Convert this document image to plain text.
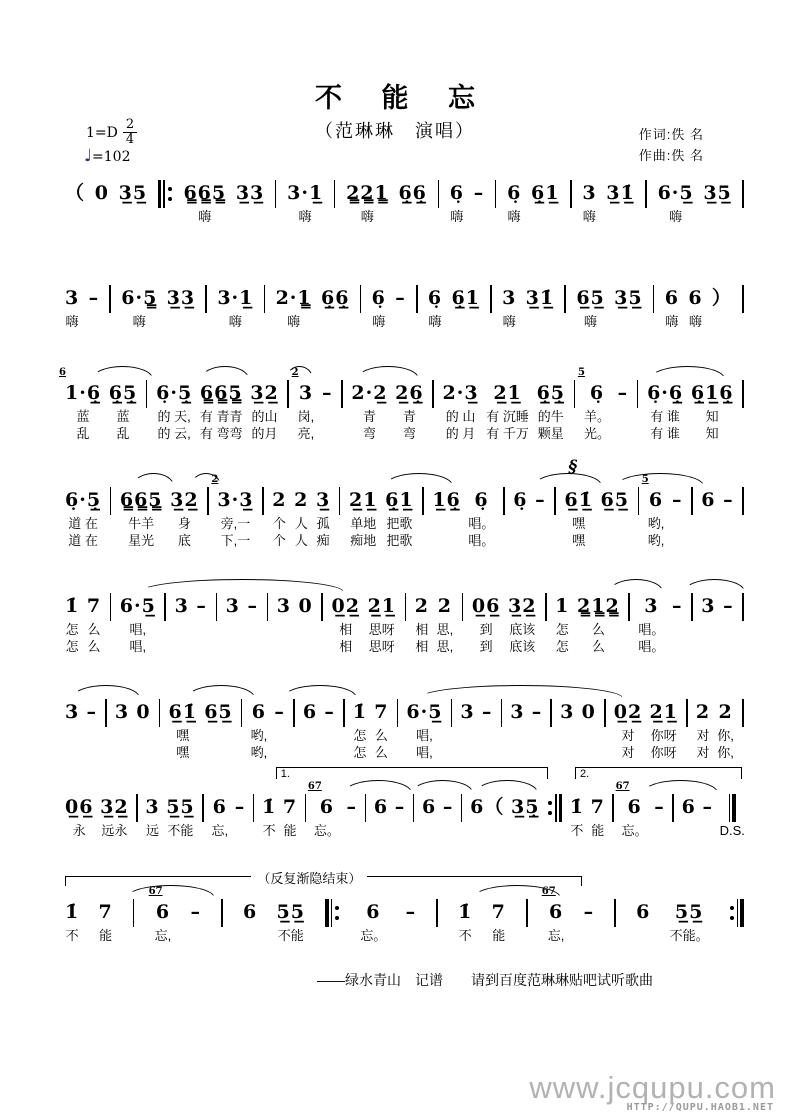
不 能 忘
（范琳琳　演唱）	作词:佚 名
作曲:佚 名
$1=D \frac{2}{4}$
♩=102
（
0
3̲5̲
6̳6̳5̳
嗨
3̲3̲
3·1̲
嗨
2̳2̳1̳
嗨
6̲̣6̲̣
6̣
嗨
–
6̣
嗨
6̲̣1̲
3
嗨
3̲1̲̇
6·5̲
嗨
3̲5̲

3
嗨
–
6·5̳
嗨
3̲3̲
3·1̲
嗨
2·1̳
嗨
6̲̣6̲̣
6̣
嗨
–
6̣
嗨
6̲̣1̲
3
嗨
3̲1̲̇
6̲5̲
嗨
3̲5̲
6
嗨
6
嗨
）

6
1·6̲̣
蓝
乱
6̲̣5̲̣
蓝
乱
6̣·5̲̣
的 天,
的 云,
6̳6̳5̳
有 青青
有 弯弯
3̲2̲
的山
的月
2
3
岗,
亮,
–

2·2̲
青
弯
2̲6̲̣
青
弯
2·3̲
的 山
的 月
2̲1̲
有 沉睡
有 千万
6̲̣5̲̣
的牛
颗星
5
6̣
羊。
光。
–

6̣·6̲̣
有 谁
有 谁
6̲̣1̲6̲̣
知
知
6̣·5̲̣
道 在
道 在
6̳6̳5̳
牛羊
星光
3̲2̲
身
底
2
3·3̲
旁,一
下,一
2
个
个
2
人
人
3̲
孤
痴
2̲1̲
单地
痴地
6̲̣1̲
把歌
把歌
1̲6̲̣

6̣
唱。
唱。
6̣

–

§
6̲1̲̇
嘿
嘿
6̲5̲

5
6
哟,
哟,
–

6

–

1̇
怎
怎
7
么
么
6·5̲
唱,
唱,
3

–

3

–

3

0

0̲2̲
相
相
2̲1̲
思呀
思呀
2
相
相
2
思,
思,
0̲6̲
到
到
3̲2̲
底该
底该
1
怎
怎
2̳1̳2̳
么
么
3
唱。
唱。
–

3

–

3

–

3

0

6̲1̲̇
嘿
嘿
6̲5̲

6
哟,
哟,
–

6

–

1̇
怎
怎
7
么
么
6·5̲
唱,
唱,
3

–

3

–

3

0

0̲2̲
对
对
2̲1̲
你呀
你呀
2
对
对
2
你,
你,
1.	2.
0̲6̲
永
3̲2̲
远永
3
远
5̲5̲
不能
6
忘,
–
1̇
不
7
能
67
6
忘。
–
6
–
6
–
6（
3̲5̲̣
1̇
不
7
能
67
6
忘。
–
6
–

D.S.
（反复渐隐结束）
1̇
不
7
能
67
6
忘,
–
6
5̲5̲
不能
6
忘。
–
1̇
不
7
能
67
6
忘,
–
6
5̲5̲
不能。
——绿水青山　记谱　　请到百度范琳琳贴吧试听歌曲
www.jcqupu.com
HTTP://QUPU.HAOB1.NET
